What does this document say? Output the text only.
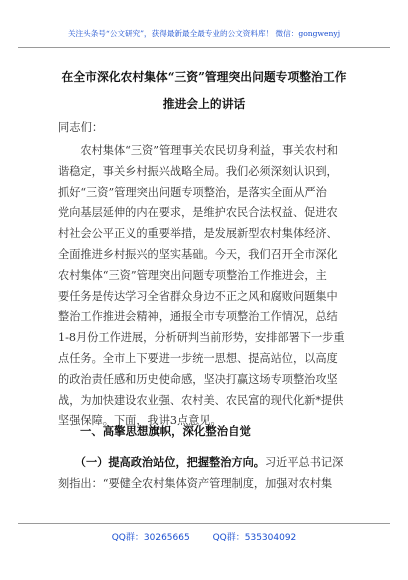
关注头条号“公文研究”，获得最新最全最专业的公文资料库！ 微信：gongwenyj
在全市深化农村集体“三资”管理突出问题专项整治工作
推进会上的讲话
同志们：
　　农村集体“三资”管理事关农民切身利益，事关农村和
谐稳定，事关乡村振兴战略全局。我们必须深刻认识到，
抓好“三资”管理突出问题专项整治，是落实全面从严治
党向基层延伸的内在要求，是维护农民合法权益、促进农
村社会公平正义的重要举措，是发展新型农村集体经济、
全面推进乡村振兴的坚实基础。今天，我们召开全市深化
农村集体“三资”管理突出问题专项整治工作推进会，主
要任务是传达学习全省群众身边不正之风和腐败问题集中
整治工作推进会精神，通报全市专项整治工作情况，总结
1-8月份工作进展，分析研判当前形势，安排部署下一步重
点任务。全市上下要进一步统一思想、提高站位，以高度
的政治责任感和历史使命感，坚决打赢这场专项整治攻坚
战，为加快建设农业强、农村美、农民富的现代化新*提供
坚强保障。下面，我讲3点意见。
一、高擎思想旗帜，深化整治自觉
　　（一）提高政治站位，把握整治方向。习近平总书记深
刻指出：“要健全农村集体资产管理制度，加强对农村集
QQ群：30265665	QQ群：535304092
